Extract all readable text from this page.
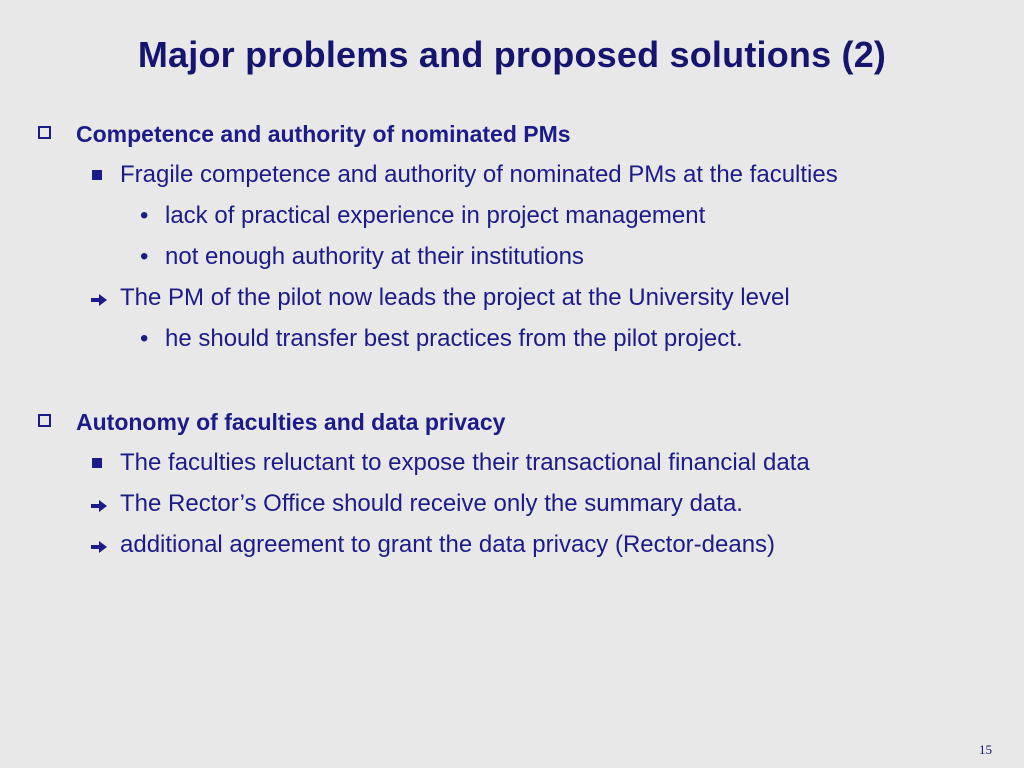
Major problems and proposed solutions (2)
Competence and authority of nominated PMs
Fragile competence and authority of nominated PMs at the faculties
• lack of practical experience in project management
• not enough authority at their institutions
The PM of the pilot now leads the project at the University level
• he should transfer best practices from the pilot project.
Autonomy of faculties and data privacy
The faculties reluctant to expose their transactional financial data
The Rector’s Office should receive only the summary data.
additional agreement to grant the data privacy (Rector-deans)
15
